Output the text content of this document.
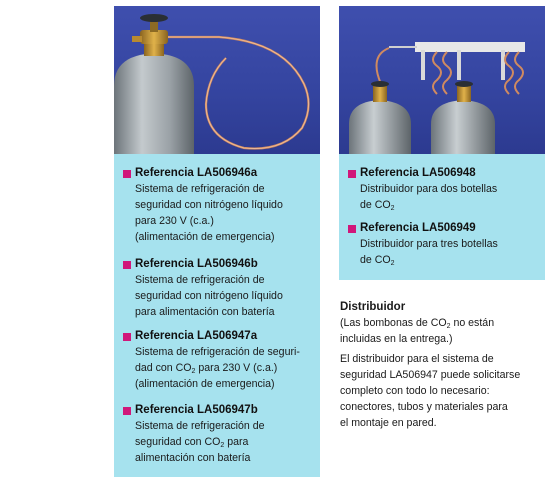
Referencia LA506946a
Sistema de refrigeración de
seguridad con nitrógeno líquido
para 230 V (c.a.)
(alimentación de emergencia)
Referencia LA506946b
Sistema de refrigeración de
seguridad con nitrógeno líquido
para alimentación con batería
Referencia LA506947a
Sistema de refrigeración de seguri-
dad con $CO_2$ para 230 V (c.a.)
(alimentación de emergencia)
Referencia LA506947b
Sistema de refrigeración de
seguridad con $CO_2$ para
alimentación con batería
Referencia LA506948
Distribuidor para dos botellas
de $CO_2$
Referencia LA506949
Distribuidor para tres botellas
de $CO_2$
Distribuidor
(Las bombonas de $CO_2$ no están
incluidas en la entrega.)
El distribuidor para el sistema de
seguridad LA506947 puede solicitarse
completo con todo lo necesario:
conectores, tubos y materiales para
el montaje en pared.
